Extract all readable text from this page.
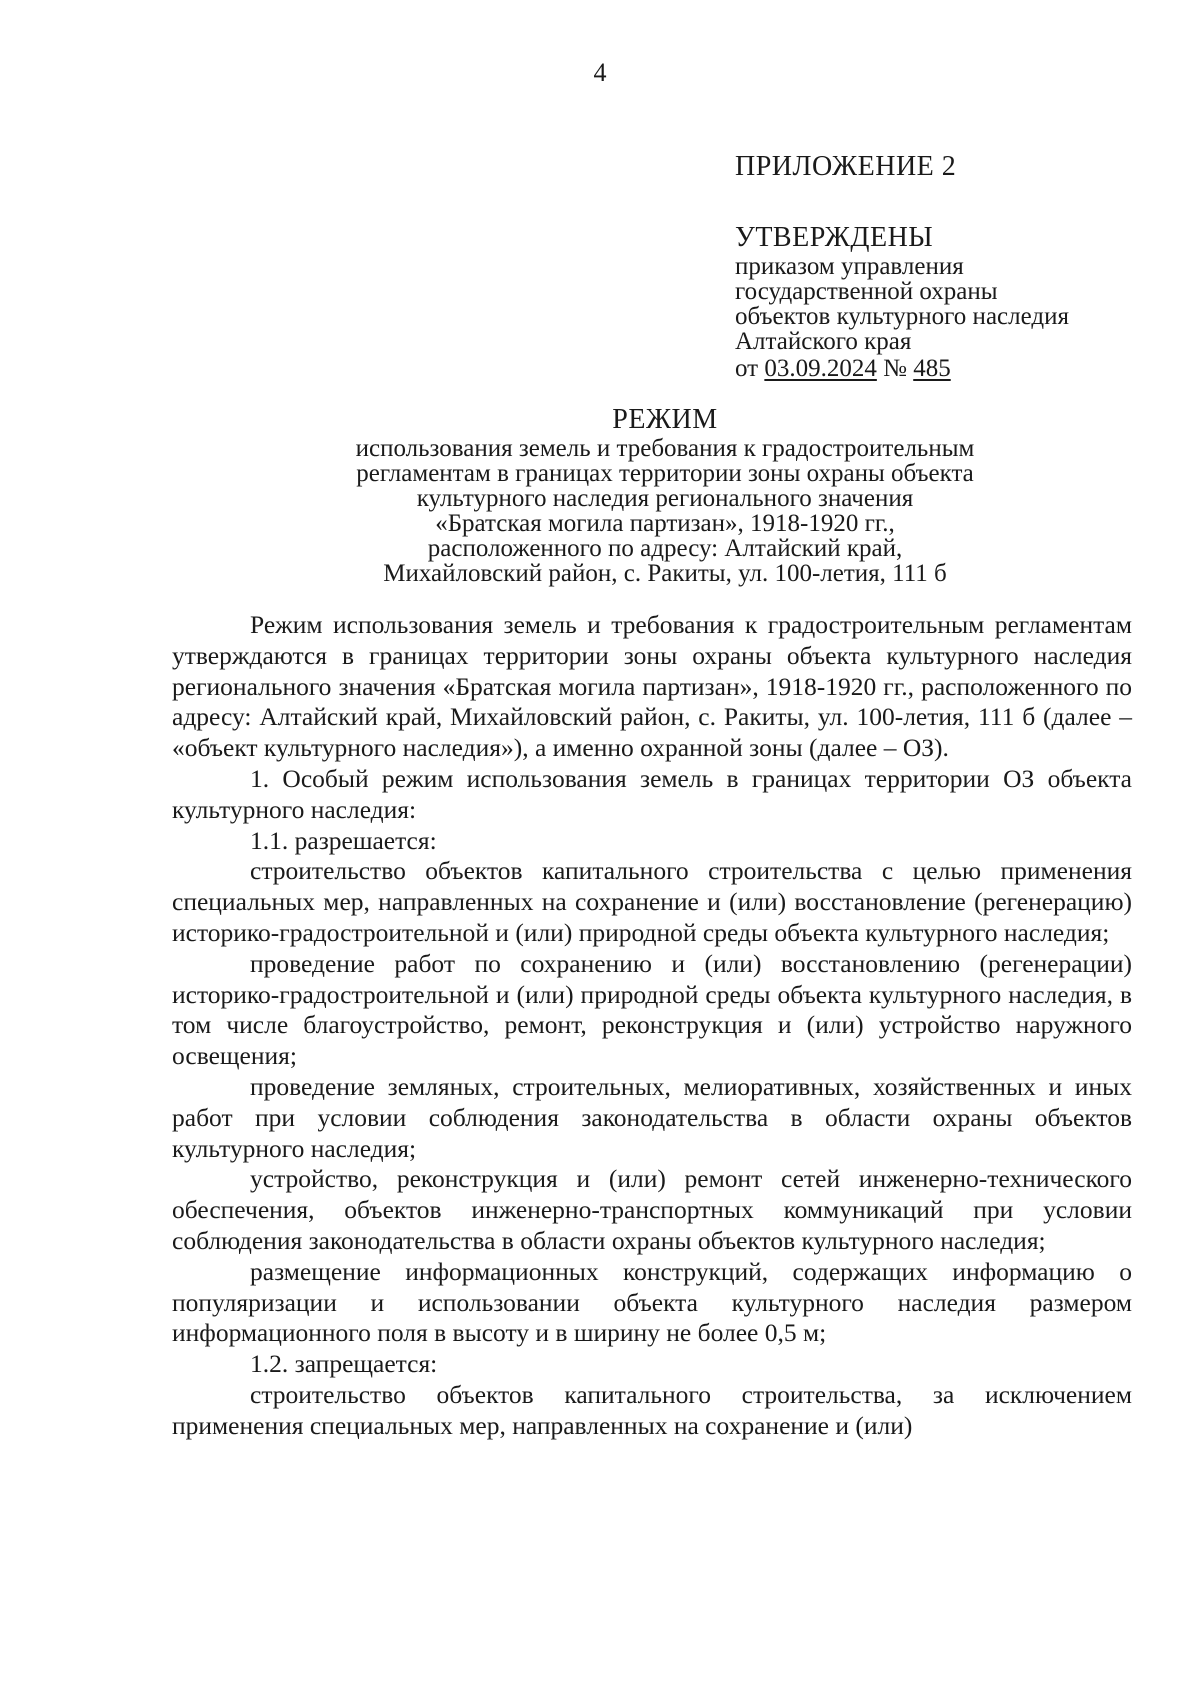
4
ПРИЛОЖЕНИЕ 2
УТВЕРЖДЕНЫ
приказом управления
государственной охраны
объектов культурного наследия
Алтайского края
от 03.09.2024 № 485
РЕЖИМ
использования земель и требования к градостроительным
регламентам в границах территории зоны охраны объекта
культурного наследия регионального значения
«Братская могила партизан», 1918-1920 гг.,
расположенного по адресу: Алтайский край,
Михайловский район, с. Ракиты, ул. 100-летия, 111 б

Режим использования земель и требования к градостроительным регламентам утверждаются в границах территории зоны охраны объекта культурного наследия регионального значения «Братская могила партизан», 1918-1920 гг., расположенного по адресу: Алтайский край, Михайловский район, с. Ракиты, ул. 100-летия, 111 б (далее – «объект культурного наследия»), а именно охранной зоны (далее – ОЗ).

1. Особый режим использования земель в границах территории ОЗ объекта культурного наследия:

1.1. разрешается:

строительство объектов капитального строительства с целью применения специальных мер, направленных на сохранение и (или) восстановление (регенерацию) историко-градостроительной и (или) природной среды объекта культурного наследия;

проведение работ по сохранению и (или) восстановлению (регенерации) историко-градостроительной и (или) природной среды объекта культурного наследия, в том числе благоустройство, ремонт, реконструкция и (или) устройство наружного освещения;

проведение земляных, строительных, мелиоративных, хозяйственных и иных работ при условии соблюдения законодательства в области охраны объектов культурного наследия;

устройство, реконструкция и (или) ремонт сетей инженерно-технического обеспечения, объектов инженерно-транспортных коммуникаций при условии соблюдения законодательства в области охраны объектов культурного наследия;

размещение информационных конструкций, содержащих информацию о популяризации и использовании объекта культурного наследия размером информационного поля в высоту и в ширину не более 0,5 м;

1.2. запрещается:

строительство объектов капитального строительства, за исключением применения специальных мер, направленных на сохранение и (или)
